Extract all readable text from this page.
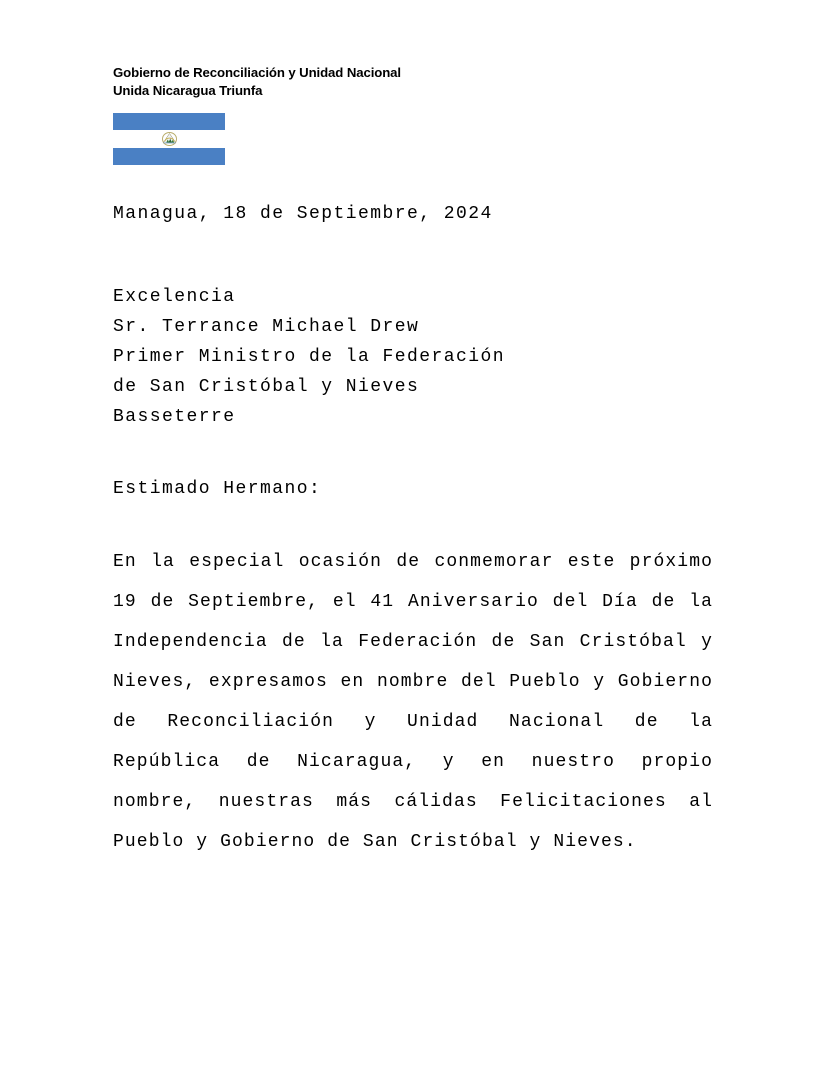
Gobierno de Reconciliación y Unidad Nacional
Unida Nicaragua Triunfa
Managua, 18 de Septiembre, 2024
Excelencia
Sr. Terrance Michael Drew
Primer Ministro de la Federación
de San Cristóbal y Nieves
Basseterre
Estimado Hermano:
En la especial ocasión de conmemorar este próximo 19 de Septiembre, el 41 Aniversario del Día de la Independencia de la Federación de San Cristóbal y Nieves, expresamos en nombre del Pueblo y Gobierno de Reconciliación y Unidad Nacional de la República de Nicaragua, y en nuestro propio nombre, nuestras más cálidas Felicitaciones al Pueblo y Gobierno de San Cristóbal y Nieves.
